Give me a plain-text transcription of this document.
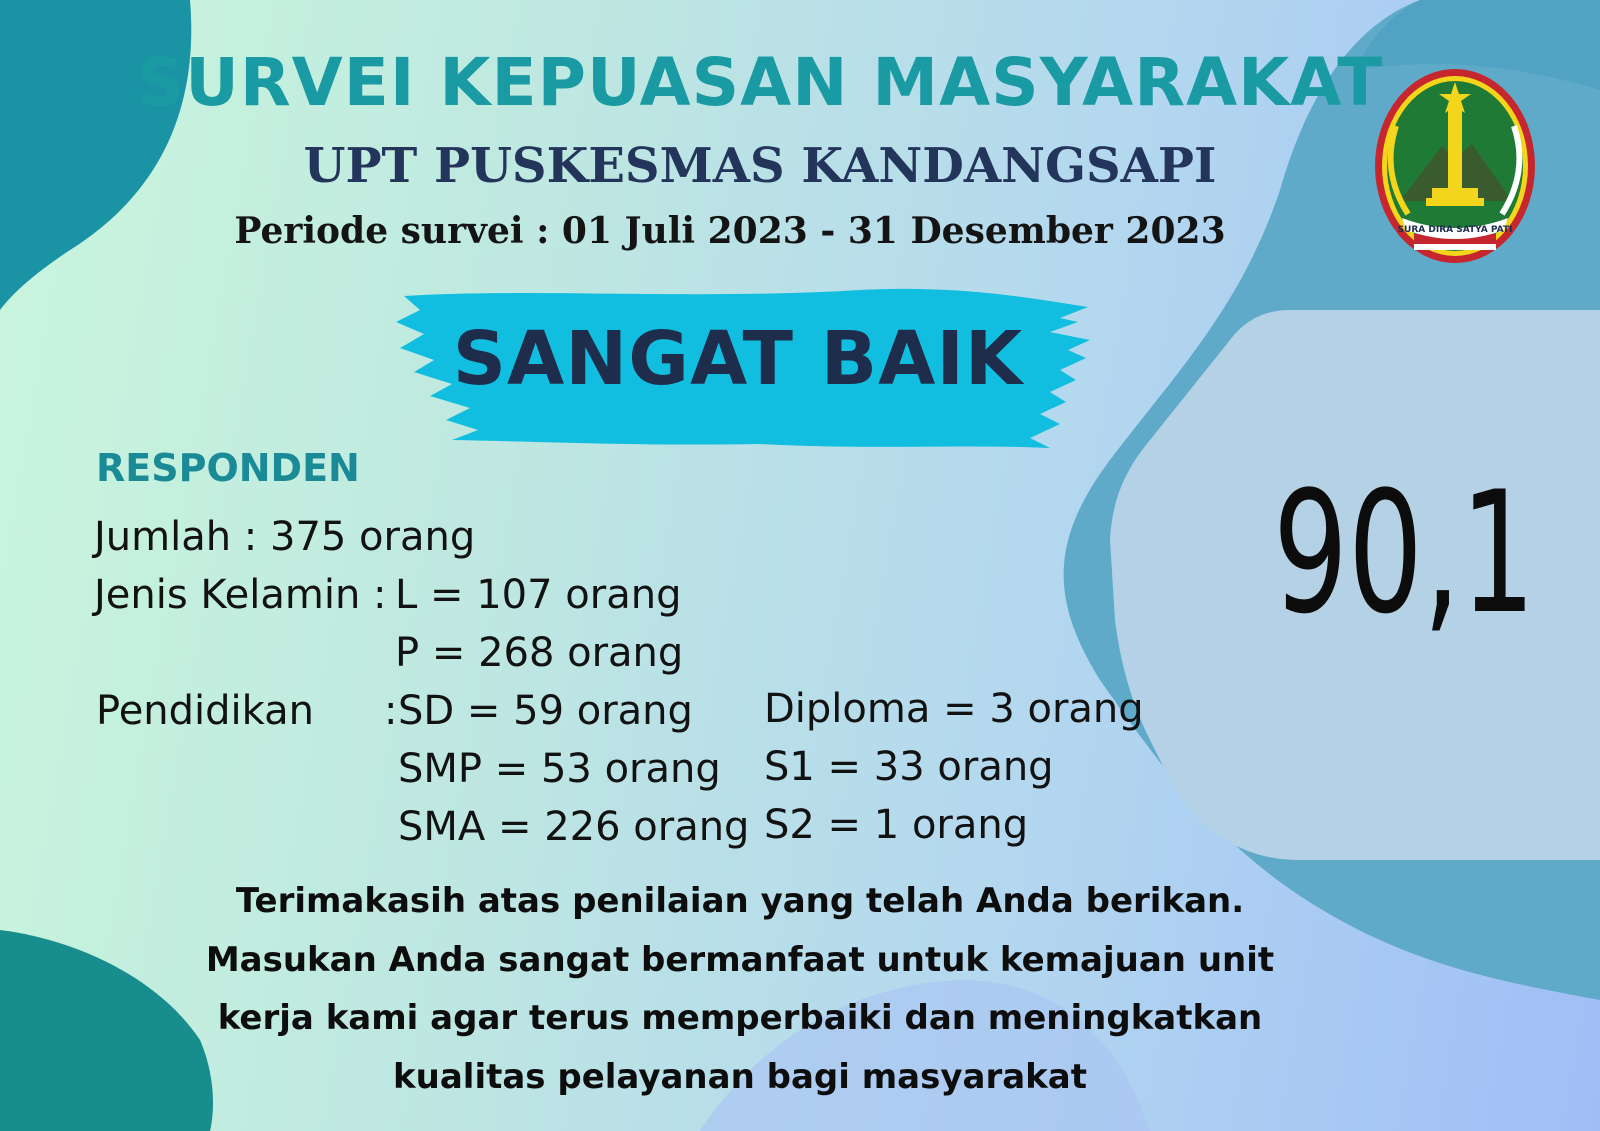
SURVEI KEPUASAN MASYARAKAT
UPT PUSKESMAS KANDANGSAPI
Periode survei : 01 Juli 2023 - 31 Desember 2023	SURA DIRA SATYA PATI
SANGAT BAIK
90,1
RESPONDEN
Jumlah : 375 orang
Jenis Kelamin : L = 107 orang
P = 268 orang
Pendidikan : SD = 59 orang
SMP = 53 orang
SMA = 226 orang
Diploma = 3 orang
S1 = 33 orang
S2 = 1 orang
Terimakasih atas penilaian yang telah Anda berikan.
Masukan Anda sangat bermanfaat untuk kemajuan unit
kerja kami agar terus memperbaiki dan meningkatkan
kualitas pelayanan bagi masyarakat
